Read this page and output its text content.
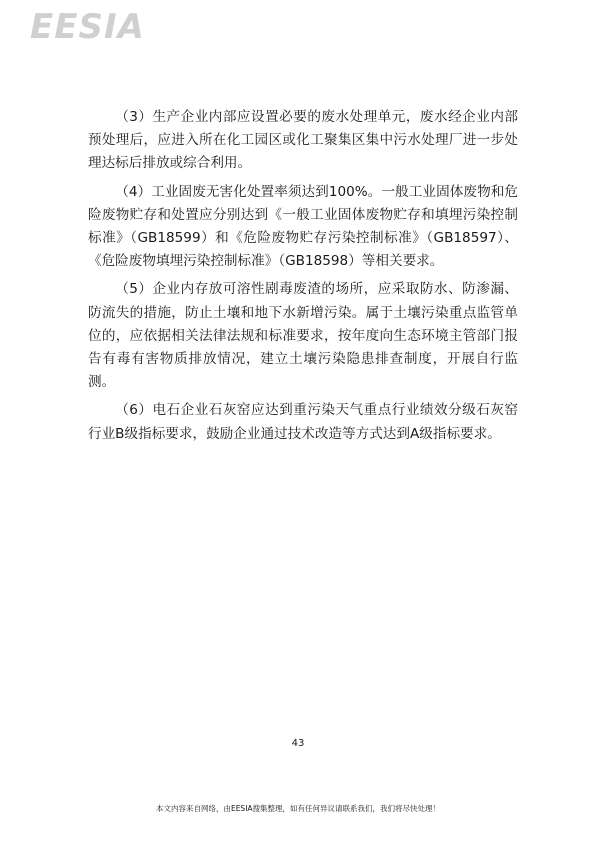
EESIA

（3）生产企业内部应设置必要的废水处理单元，废水经企业内部预处理后，应进入所在化工园区或化工聚集区集中污水处理厂进一步处理达标后排放或综合利用。

（4）工业固废无害化处置率须达到100%。一般工业固体废物和危险废物贮存和处置应分别达到《一般工业固体废物贮存和填埋污染控制标准》（GB18599）和《危险废物贮存污染控制标准》（GB18597）、《危险废物填埋污染控制标准》（GB18598）等相关要求。

（5）企业内存放可溶性剧毒废渣的场所，应采取防水、防渗漏、防流失的措施，防止土壤和地下水新增污染。属于土壤污染重点监管单位的，应依据相关法律法规和标准要求，按年度向生态环境主管部门报告有毒有害物质排放情况，建立土壤污染隐患排查制度，开展自行监测。

（6）电石企业石灰窑应达到重污染天气重点行业绩效分级石灰窑行业B级指标要求，鼓励企业通过技术改造等方式达到A级指标要求。

43
本文内容来自网络，由EESIA搜集整理，如有任何异议请联系我们，我们将尽快处理！
